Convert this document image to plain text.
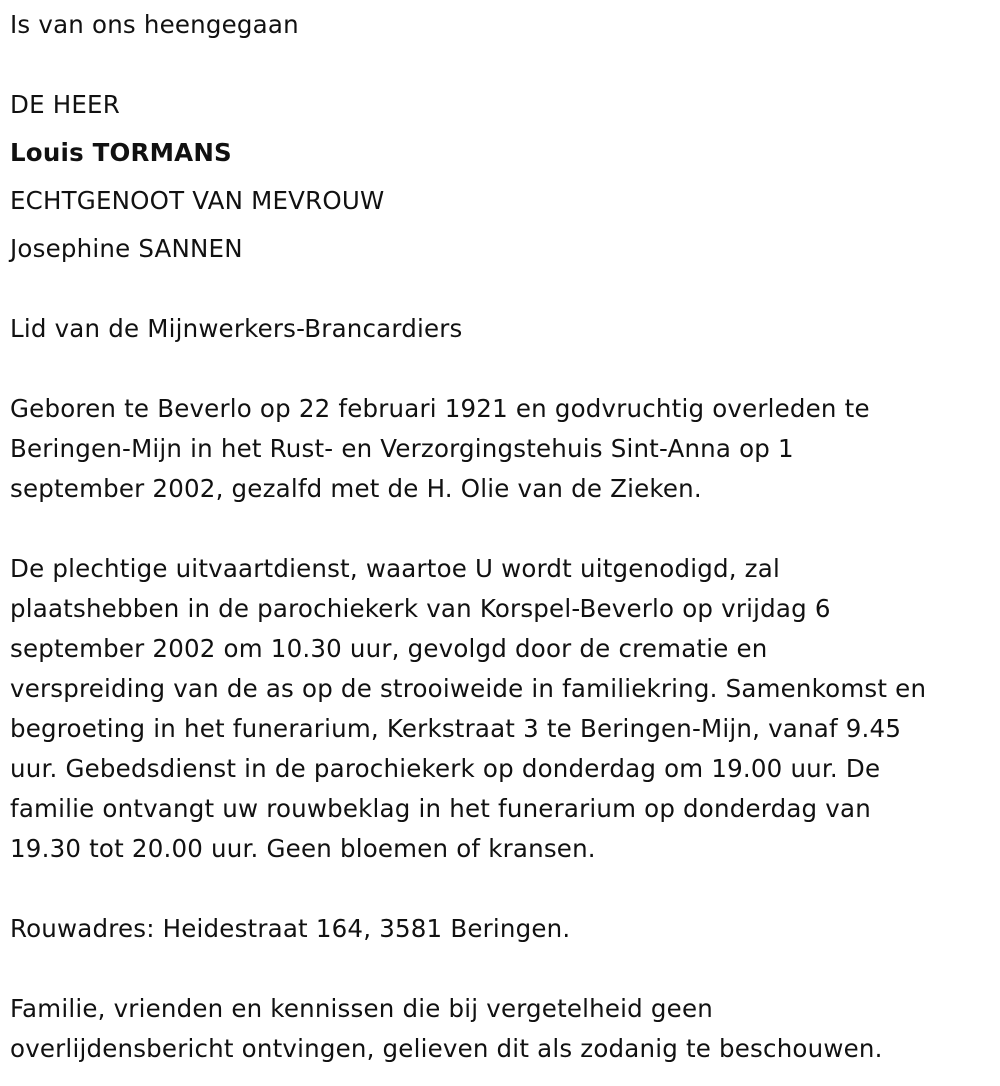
Is van ons heengegaan
DE HEER
Louis TORMANS
ECHTGENOOT VAN MEVROUW
Josephine SANNEN
Lid van de Mijnwerkers-Brancardiers
Geboren te Beverlo op 22 februari 1921 en godvruchtig overleden te
Beringen-Mijn in het Rust- en Verzorgingstehuis Sint-Anna op 1
september 2002, gezalfd met de H. Olie van de Zieken.
De plechtige uitvaartdienst, waartoe U wordt uitgenodigd, zal
plaatshebben in de parochiekerk van Korspel-Beverlo op vrijdag 6
september 2002 om 10.30 uur, gevolgd door de crematie en
verspreiding van de as op de strooiweide in familiekring. Samenkomst en
begroeting in het funerarium, Kerkstraat 3 te Beringen-Mijn, vanaf 9.45
uur. Gebedsdienst in de parochiekerk op donderdag om 19.00 uur. De
familie ontvangt uw rouwbeklag in het funerarium op donderdag van
19.30 tot 20.00 uur. Geen bloemen of kransen.
Rouwadres: Heidestraat 164, 3581 Beringen.
Familie, vrienden en kennissen die bij vergetelheid geen
overlijdensbericht ontvingen, gelieven dit als zodanig te beschouwen.
